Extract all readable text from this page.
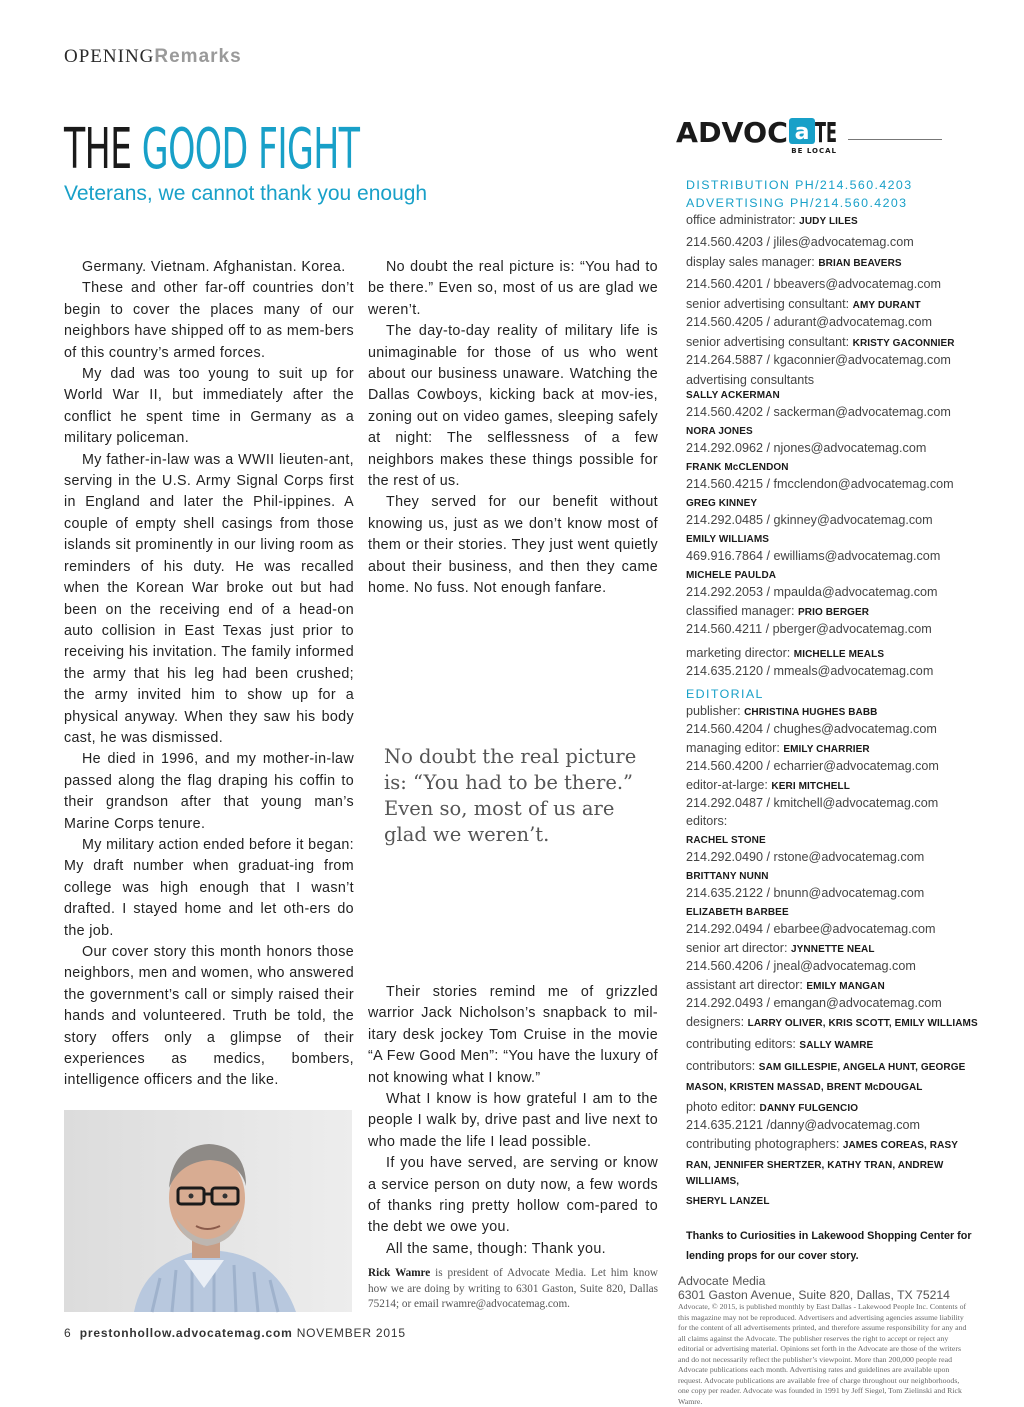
OPENINGRemarks
THE GOOD FIGHT
Veterans, we cannot thank you enough

Germany. Vietnam. Afghanistan. Korea.

These and other far-off countries don’t begin to cover the places many of our neighbors have shipped off to as mem-bers of this country’s armed forces.

My dad was too young to suit up for World War II, but immediately after the conflict he spent time in Germany as a military policeman.

My father-in-law was a WWII lieuten-ant, serving in the U.S. Army Signal Corps first in England and later the Phil-ippines. A couple of empty shell casings from those islands sit prominently in our living room as reminders of his duty. He was recalled when the Korean War broke out but had been on the receiving end of a head-on auto collision in East Texas just prior to receiving his invitation. The family informed the army that his leg had been crushed; the army invited him to show up for a physical anyway. When they saw his body cast, he was dismissed.

He died in 1996, and my mother-in-law passed along the flag draping his coffin to their grandson after that young man’s Marine Corps tenure.

My military action ended before it began: My draft number when graduat-ing from college was high enough that I wasn’t drafted. I stayed home and let oth-ers do the job.

Our cover story this month honors those neighbors, men and women, who answered the government’s call or simply raised their hands and volunteered. Truth be told, the story offers only a glimpse of their experiences as medics, bombers, intelligence officers and the like.

No doubt the real picture is: “You had to be there.” Even so, most of us are glad we weren’t.

The day-to-day reality of military life is unimaginable for those of us who went about our business unaware. Watching the Dallas Cowboys, kicking back at mov-ies, zoning out on video games, sleeping safely at night: The selflessness of a few neighbors makes these things possible for the rest of us.

They served for our benefit without knowing us, just as we don’t know most of them or their stories. They just went quietly about their business, and then they came home. No fuss. Not enough fanfare.

No doubt the real picture is: “You had to be there.” Even so, most of us are glad we weren’t.

Their stories remind me of grizzled warrior Jack Nicholson’s snapback to mil-itary desk jockey Tom Cruise in the movie “A Few Good Men”: “You have the luxury of not knowing what I know.”

What I know is how grateful I am to the people I walk by, drive past and live next to who made the life I lead possible.

If you have served, are serving or know a service person on duty now, a few words of thanks ring pretty hollow com-pared to the debt we owe you.

All the same, though: Thank you.

Rick Wamre is president of Advocate Media. Let him know how we are doing by writing to 6301 Gaston, Suite 820, Dallas 75214; or email rwamre@advocatemag.com.
6 prestonhollow.advocatemag.com NOVEMBER 2015
ADVOC a TE
BE LOCAL
DISTRIBUTION PH/214.560.4203
ADVERTISING PH/214.560.4203
office administrator: JUDY LILES
214.560.4203 / jliles@advocatemag.com
display sales manager: BRIAN BEAVERS
214.560.4201 / bbeavers@advocatemag.com
senior advertising consultant: AMY DURANT
214.560.4205 / adurant@advocatemag.com
senior advertising consultant: KRISTY GACONNIER
214.264.5887 / kgaconnier@advocatemag.com
advertising consultants
SALLY ACKERMAN
214.560.4202 / sackerman@advocatemag.com
NORA JONES
214.292.0962 / njones@advocatemag.com
FRANK McCLENDON
214.560.4215 / fmcclendon@advocatemag.com
GREG KINNEY
214.292.0485 / gkinney@advocatemag.com
EMILY WILLIAMS
469.916.7864 / ewilliams@advocatemag.com
MICHELE PAULDA
214.292.2053 / mpaulda@advocatemag.com
classified manager: PRIO BERGER
214.560.4211 / pberger@advocatemag.com
marketing director: MICHELLE MEALS
214.635.2120 / mmeals@advocatemag.com
EDITORIAL
publisher: CHRISTINA HUGHES BABB
214.560.4204 / chughes@advocatemag.com
managing editor: EMILY CHARRIER
214.560.4200 / echarrier@advocatemag.com
editor-at-large: KERI MITCHELL
214.292.0487 / kmitchell@advocatemag.com
editors:
RACHEL STONE
214.292.0490 / rstone@advocatemag.com
BRITTANY NUNN
214.635.2122 / bnunn@advocatemag.com
ELIZABETH BARBEE
214.292.0494 / ebarbee@advocatemag.com
senior art director: JYNNETTE NEAL
214.560.4206 / jneal@advocatemag.com
assistant art director: EMILY MANGAN
214.292.0493 / emangan@advocatemag.com
designers: LARRY OLIVER, KRIS SCOTT, EMILY WILLIAMS
contributing editors: SALLY WAMRE
contributors: SAM GILLESPIE, ANGELA HUNT, GEORGE
MASON, KRISTEN MASSAD, BRENT McDOUGAL
photo editor: DANNY FULGENCIO
214.635.2121 /danny@advocatemag.com
contributing photographers: JAMES COREAS, RASY
RAN, JENNIFER SHERTZER, KATHY TRAN, ANDREW WILLIAMS,
SHERYL LANZEL
Thanks to Curiosities in Lakewood Shopping Center for lending props for our cover story.
Advocate Media
6301 Gaston Avenue, Suite 820, Dallas, TX 75214
Advocate, © 2015, is published monthly by East Dallas - Lakewood People Inc. Contents of this magazine may not be reproduced. Advertisers and advertising agencies assume liability for the content of all advertisements printed, and therefore assume responsibility for any and all claims against the Advocate. The publisher reserves the right to accept or reject any editorial or advertising material. Opinions set forth in the Advocate are those of the writers and do not necessarily reflect the publisher’s viewpoint. More than 200,000 people read Advocate publications each month. Advertising rates and guidelines are available upon request. Advocate publications are available free of charge throughout our neighborhoods, one copy per reader. Advocate was founded in 1991 by Jeff Siegel, Tom Zielinski and Rick Wamre.
